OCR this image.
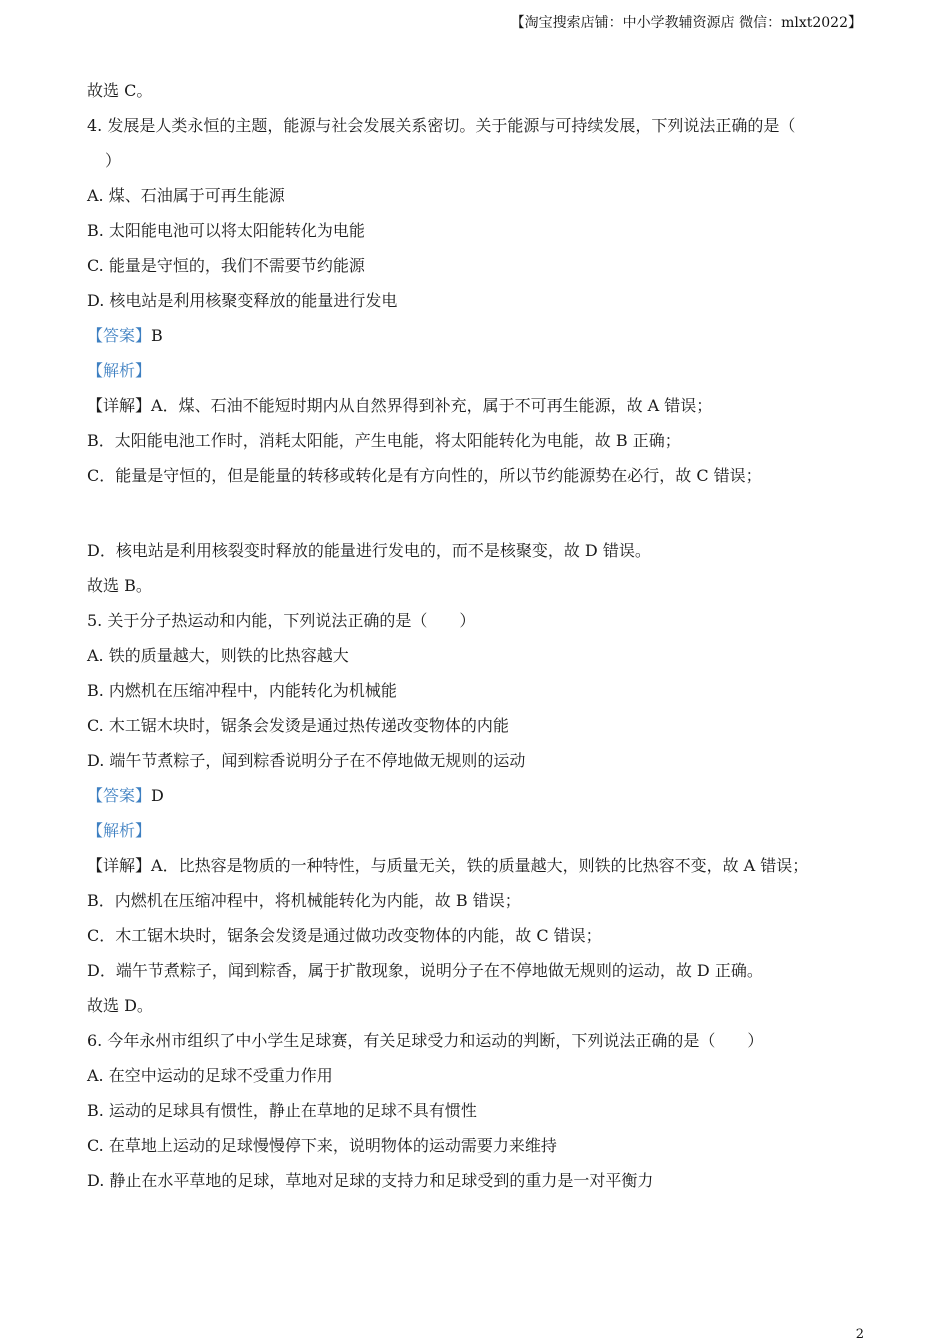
【淘宝搜索店铺：中小学教辅资源店 微信：mlxt2022】
故选 C。
4. 发展是人类永恒的主题，能源与社会发展关系密切。关于能源与可持续发展，下列说法正确的是（
）
A. 煤、石油属于可再生能源
B. 太阳能电池可以将太阳能转化为电能
C. 能量是守恒的，我们不需要节约能源
D. 核电站是利用核聚变释放的能量进行发电
【答案】B
【解析】
【详解】A．煤、石油不能短时期内从自然界得到补充，属于不可再生能源，故 A 错误；
B．太阳能电池工作时，消耗太阳能，产生电能，将太阳能转化为电能，故 B 正确；
C．能量是守恒的，但是能量的转移或转化是有方向性的，所以节约能源势在必行，故 C 错误；
D．核电站是利用核裂变时释放的能量进行发电的，而不是核聚变，故 D 错误。
故选 B。
5. 关于分子热运动和内能，下列说法正确的是（　　）
A. 铁的质量越大，则铁的比热容越大
B. 内燃机在压缩冲程中，内能转化为机械能
C. 木工锯木块时，锯条会发烫是通过热传递改变物体的内能
D. 端午节煮粽子，闻到粽香说明分子在不停地做无规则的运动
【答案】D
【解析】
【详解】A．比热容是物质的一种特性，与质量无关，铁的质量越大，则铁的比热容不变，故 A 错误；
B．内燃机在压缩冲程中，将机械能转化为内能，故 B 错误；
C．木工锯木块时，锯条会发烫是通过做功改变物体的内能，故 C 错误；
D．端午节煮粽子，闻到粽香，属于扩散现象，说明分子在不停地做无规则的运动，故 D 正确。
故选 D。
6. 今年永州市组织了中小学生足球赛，有关足球受力和运动的判断，下列说法正确的是（　　）
A. 在空中运动的足球不受重力作用
B. 运动的足球具有惯性，静止在草地的足球不具有惯性
C. 在草地上运动的足球慢慢停下来，说明物体的运动需要力来维持
D. 静止在水平草地的足球，草地对足球的支持力和足球受到的重力是一对平衡力
2
